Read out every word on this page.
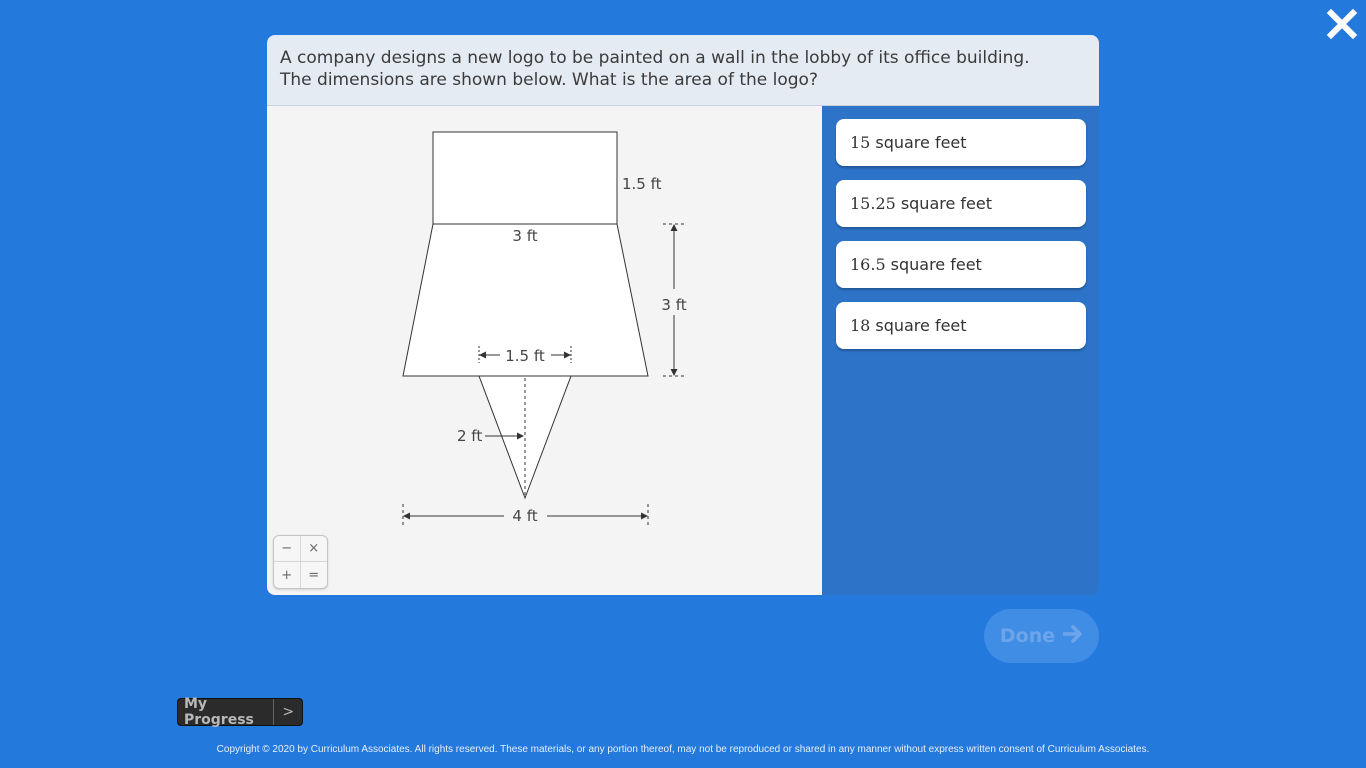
A company designs a new logo to be painted on a wall in the lobby of its office building.
The dimensions are shown below. What is the area of the logo?
1.5 ft
3 ft
3 ft
1.5 ft
2 ft
4 ft
−	×
+	=
15 square feet
15.25 square feet
16.5 square feet
18 square feet
Done
My Progress	>
Copyright © 2020 by Curriculum Associates. All rights reserved. These materials, or any portion thereof, may not be reproduced or shared in any manner without express written consent of Curriculum Associates.
